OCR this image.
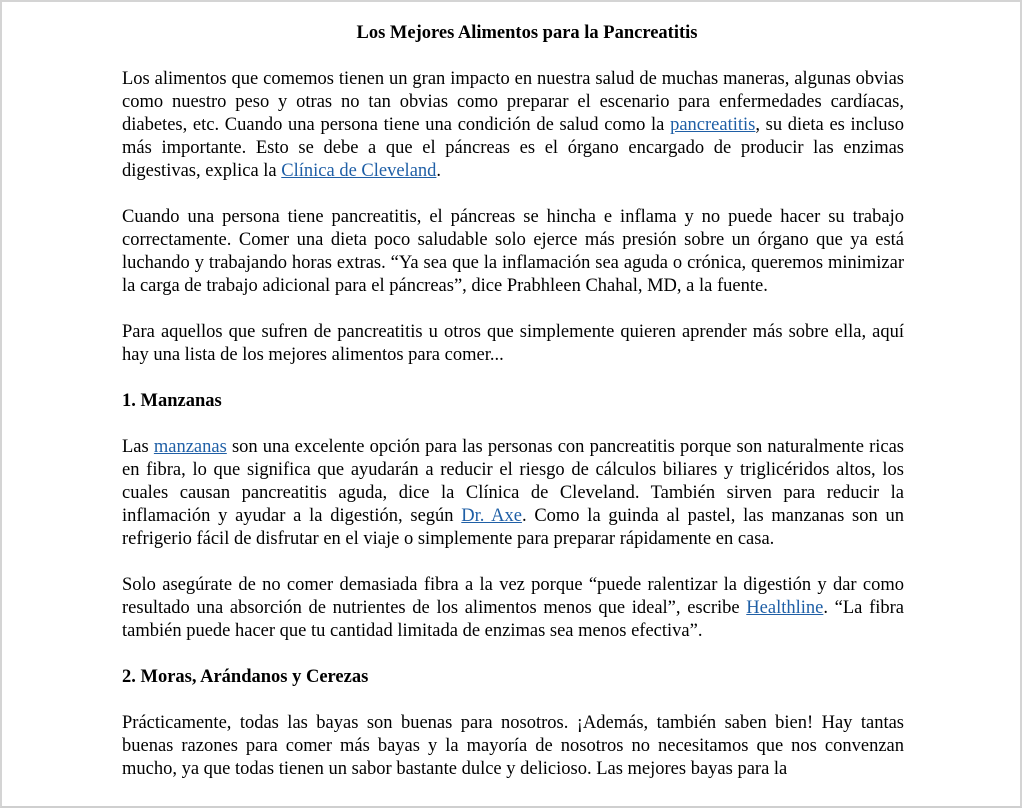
Los Mejores Alimentos para la Pancreatitis

Los alimentos que comemos tienen un gran impacto en nuestra salud de muchas maneras, algunas obvias como nuestro peso y otras no tan obvias como preparar el escenario para enfermedades cardíacas, diabetes, etc. Cuando una persona tiene una condición de salud como la pancreatitis, su dieta es incluso más importante. Esto se debe a que el páncreas es el órgano encargado de producir las enzimas digestivas, explica la Clínica de Cleveland.

Cuando una persona tiene pancreatitis, el páncreas se hincha e inflama y no puede hacer su trabajo correctamente. Comer una dieta poco saludable solo ejerce más presión sobre un órgano que ya está luchando y trabajando horas extras. “Ya sea que la inflamación sea aguda o crónica, queremos minimizar la carga de trabajo adicional para el páncreas”, dice Prabhleen Chahal, MD, a la fuente.

Para aquellos que sufren de pancreatitis u otros que simplemente quieren aprender más sobre ella, aquí hay una lista de los mejores alimentos para comer...

1. Manzanas

Las manzanas son una excelente opción para las personas con pancreatitis porque son naturalmente ricas en fibra, lo que significa que ayudarán a reducir el riesgo de cálculos biliares y triglicéridos altos, los cuales causan pancreatitis aguda, dice la Clínica de Cleveland. También sirven para reducir la inflamación y ayudar a la digestión, según Dr. Axe. Como la guinda al pastel, las manzanas son un refrigerio fácil de disfrutar en el viaje o simplemente para preparar rápidamente en casa.

Solo asegúrate de no comer demasiada fibra a la vez porque “puede ralentizar la digestión y dar como resultado una absorción de nutrientes de los alimentos menos que ideal”, escribe Healthline. “La fibra también puede hacer que tu cantidad limitada de enzimas sea menos efectiva”.

2. Moras, Arándanos y Cerezas

Prácticamente, todas las bayas son buenas para nosotros. ¡Además, también saben bien! Hay tantas buenas razones para comer más bayas y la mayoría de nosotros no necesitamos que nos convenzan mucho, ya que todas tienen un sabor bastante dulce y delicioso. Las mejores bayas para la
